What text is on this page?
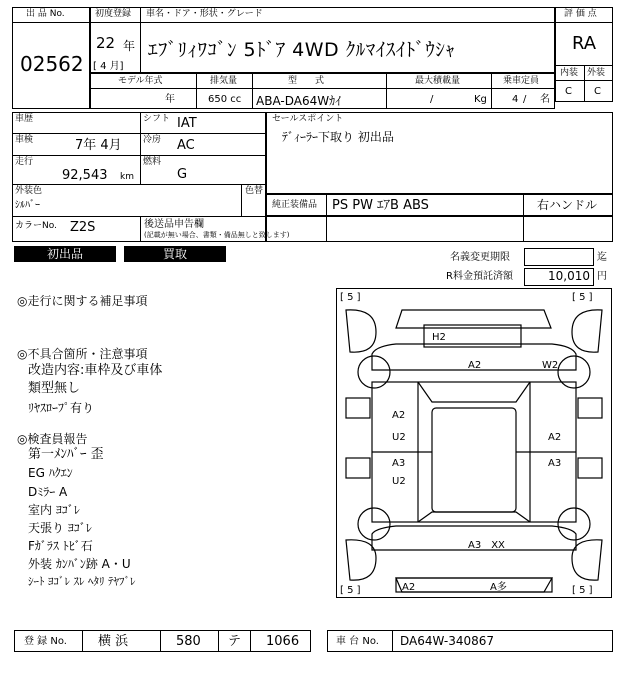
出 品 No.
02562
初度登録 車名・ドア・形状・グレード
22 年
[ 4 月]
ｴﾌﾞﾘｨﾜｺﾞﾝ 5ﾄﾞｱ 4WD ｸﾙﾏｲｽｲﾄﾞｳｼｬ
評 価 点
RA
内装 外装
C C
モデル年式	排気量	型　　式	最大積載量	乗車定員
年	650 cc ABA-DA64Wｶｲ	/	Kg	4 / 名
車歴	シフト IAT
車検	7年 4月 冷房 AC
走行
92,543 km
燃料
G
外装色
ｼﾙﾊﾞｰ
色替
カラーNo. Z2S	後送品申告欄
(記載が無い場合、書類・備品無しと致します)
セールスポイント
ﾃﾞｨｰﾗｰ下取り 初出品
純正装備品 PS PW ｴｱB ABS	右ハンドル
初出品	買取	名義変更期限	迄
R料金預託済額	10,010 円
◎走行に関する補足事項
◎不具合箇所・注意事項
改造内容:車枠及び車体
類型無し
ﾘﾔｽﾛｰﾌﾟ有り
◎検査員報告
第一ﾒﾝﾊﾞｰ 歪
EG ﾊｸｴﾝ
Dﾐﾗｰ A
室内 ﾖｺﾞﾚ
天張り ﾖｺﾞﾚ
Fｶﾞﾗｽ ﾄﾋﾞ石
外装 ｶﾝﾊﾞﾝ跡 A・U
ｼｰﾄ ﾖｺﾞﾚ ｽﾚ ﾍﾀﾘ ﾃﾔﾌﾞﾚ
[ 5 ]	[ 5 ]
[ 5 ]	[ 5 ]
H2
A2	W2
A2
U2	A2
A3	A3
U2
A3　XX
A2	A多
登 録 No. 横 浜	580 テ 1066	車 台 No. DA64W-340867
